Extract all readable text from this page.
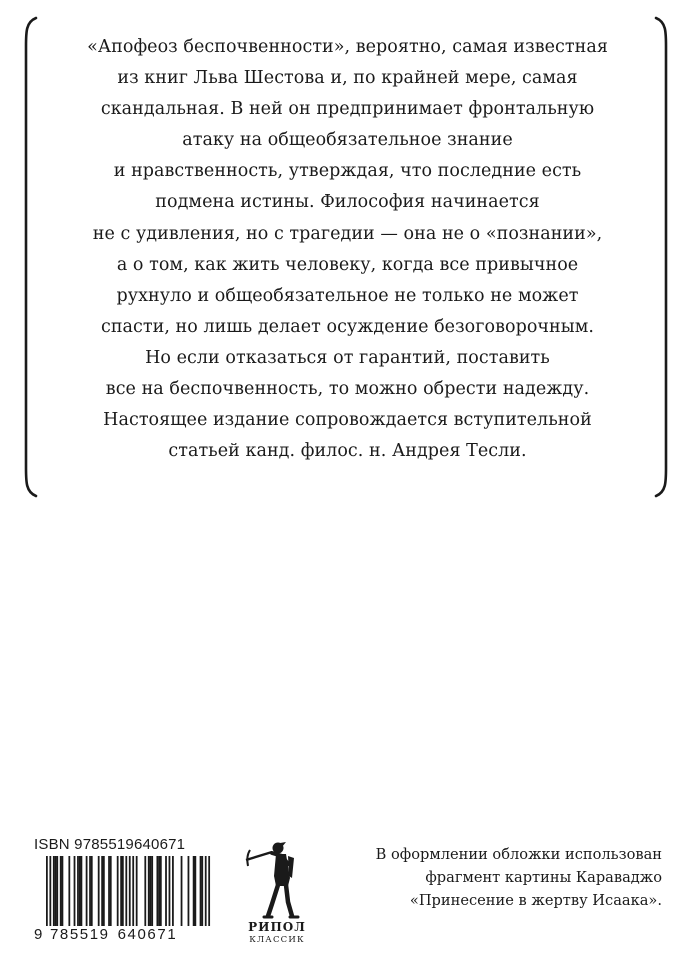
«Апофеоз беспочвенности», вероятно, самая известная
из книг Льва Шестова и, по крайней мере, самая
скандальная. В ней он предпринимает фронтальную
атаку на общеобязательное знание
и нравственность, утверждая, что последние есть
подмена истины. Философия начинается
не с удивления, но с трагедии — она не о «познании»,
а о том, как жить человеку, когда все привычное
рухнуло и общеобязательное не только не может
спасти, но лишь делает осуждение безоговорочным.
Но если отказаться от гарантий, поставить
все на беспочвенность, то можно обрести надежду.
Настоящее издание сопровождается вступительной
статьей канд. филос. н. Андрея Тесли.
ISBN 9785519640671
9 785519 640671	РИПОЛ
КЛАССИК
В оформлении обложки использован
фрагмент картины Караваджо
«Принесение в жертву Исаака».
